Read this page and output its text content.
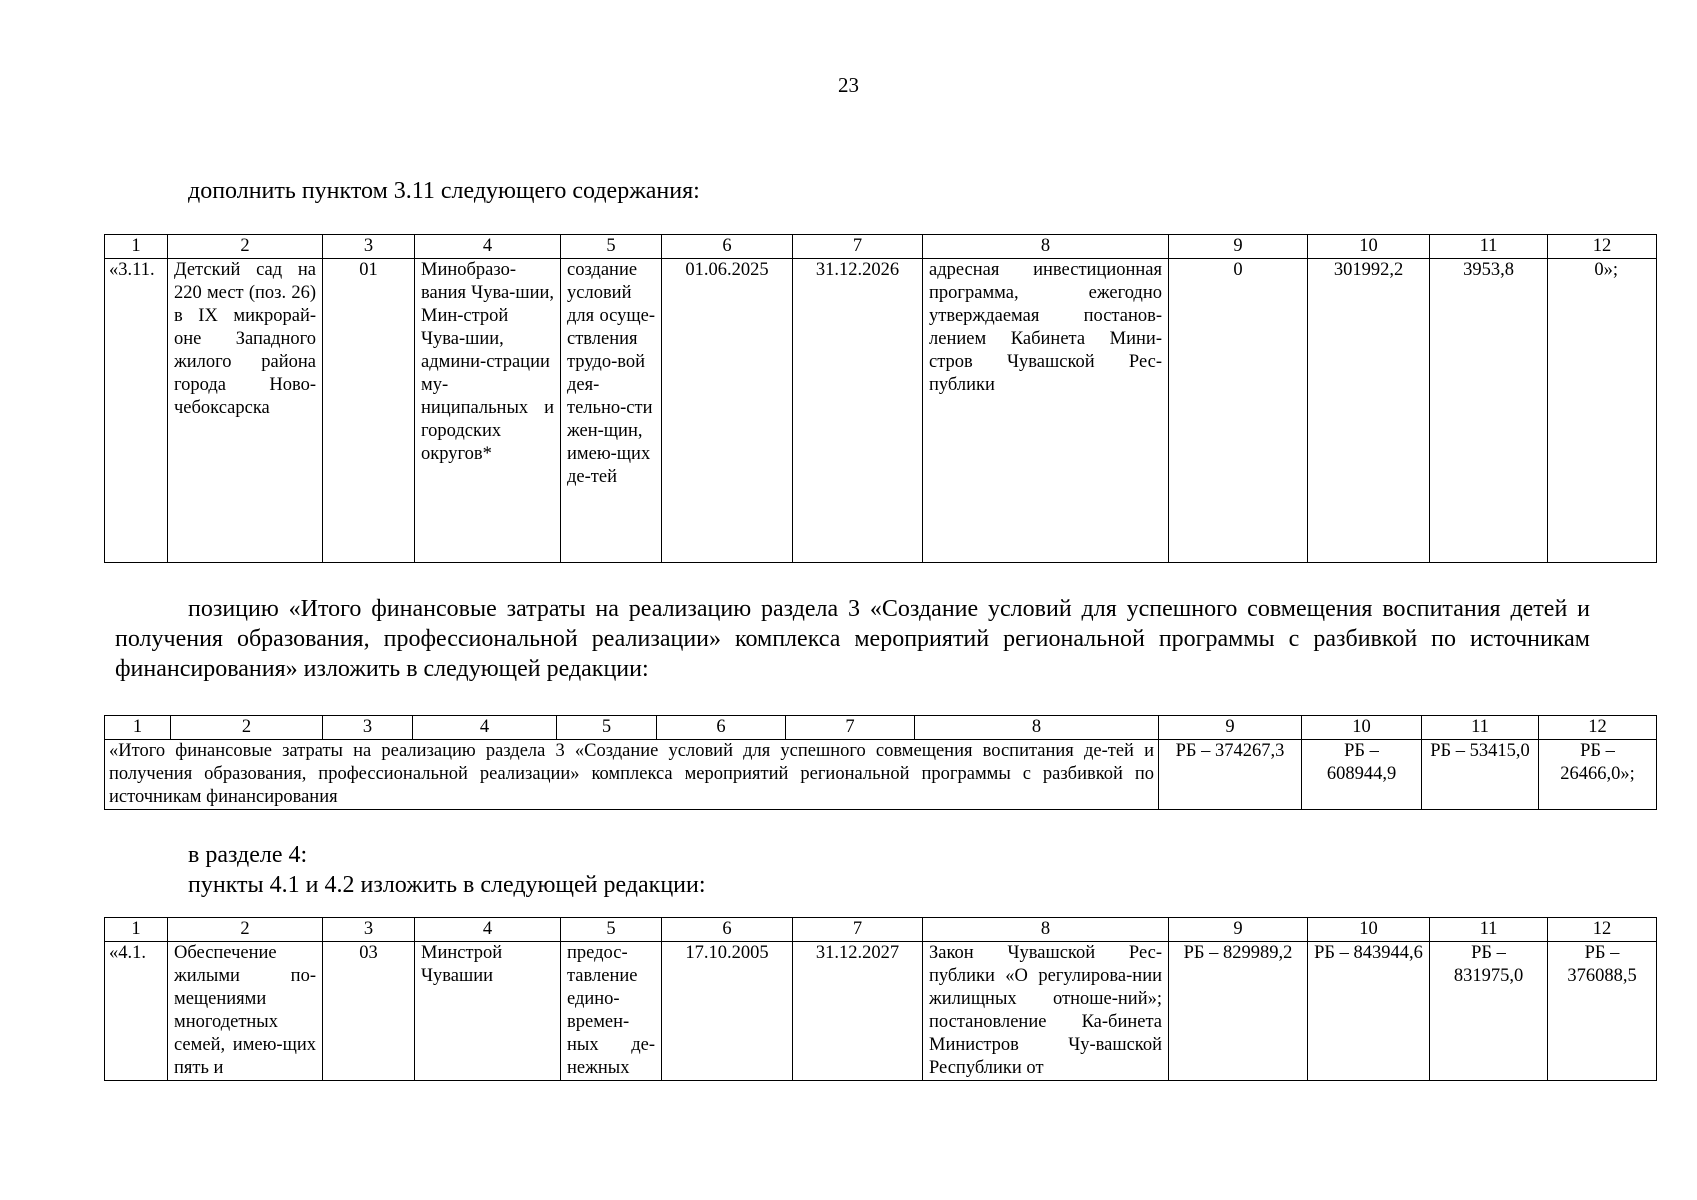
23

дополнить пунктом 3.11 следующего содержания:

1	2	3	4	5	6	7	8	9	10	11	12
«3.11.	Детский сад на 220 мест (поз. 26) в IX микрорай-оне Западного жилого района города Ново-чебоксарска	01	Минобразо-вания Чува-шии, Мин-строй Чува-шии, админи-страции му-ниципальных и городских округов*	создание условий для осуще-ствления трудо-вой дея-тельно-сти жен-щин, имею-щих де-тей	01.06.2025	31.12.2026	адресная инвестиционная программа, ежегодно утверждаемая постанов-лением Кабинета Мини-стров Чувашской Рес-публики	0	301992,2	3953,8	0»;

позицию «Итого финансовые затраты на реализацию раздела 3 «Создание условий для успешного совмещения воспитания детей и получения образования, профессиональной реализации» комплекса мероприятий региональной программы с разбивкой по источникам финансирования» изложить в следующей редакции:

1	2	3	4	5	6	7	8	9	10	11	12
«Итого финансовые затраты на реализацию раздела 3 «Создание условий для успешного совмещения воспитания де-тей и получения образования, профессиональной реализации» комплекса мероприятий региональной программы с разбивкой по источникам финансирования								РБ – 374267,3	РБ – 608944,9	РБ – 53415,0	РБ – 26466,0»;
в разделе 4:
пункты 4.1 и 4.2 изложить в следующей редакции:
1	2	3	4	5	6	7	8	9	10	11	12
«4.1.	Обеспечение жилыми по-мещениями многодетных семей, имею-щих пять и	03	Минстрой Чувашии	предос-тавление едино-времен-ных де-нежных	17.10.2005	31.12.2027	Закон Чувашской Рес-публики «О регулирова-нии жилищных отноше-ний»; постановление Ка-бинета Министров Чу-вашской Республики от	РБ – 829989,2	РБ – 843944,6	РБ – 831975,0	РБ – 376088,5
